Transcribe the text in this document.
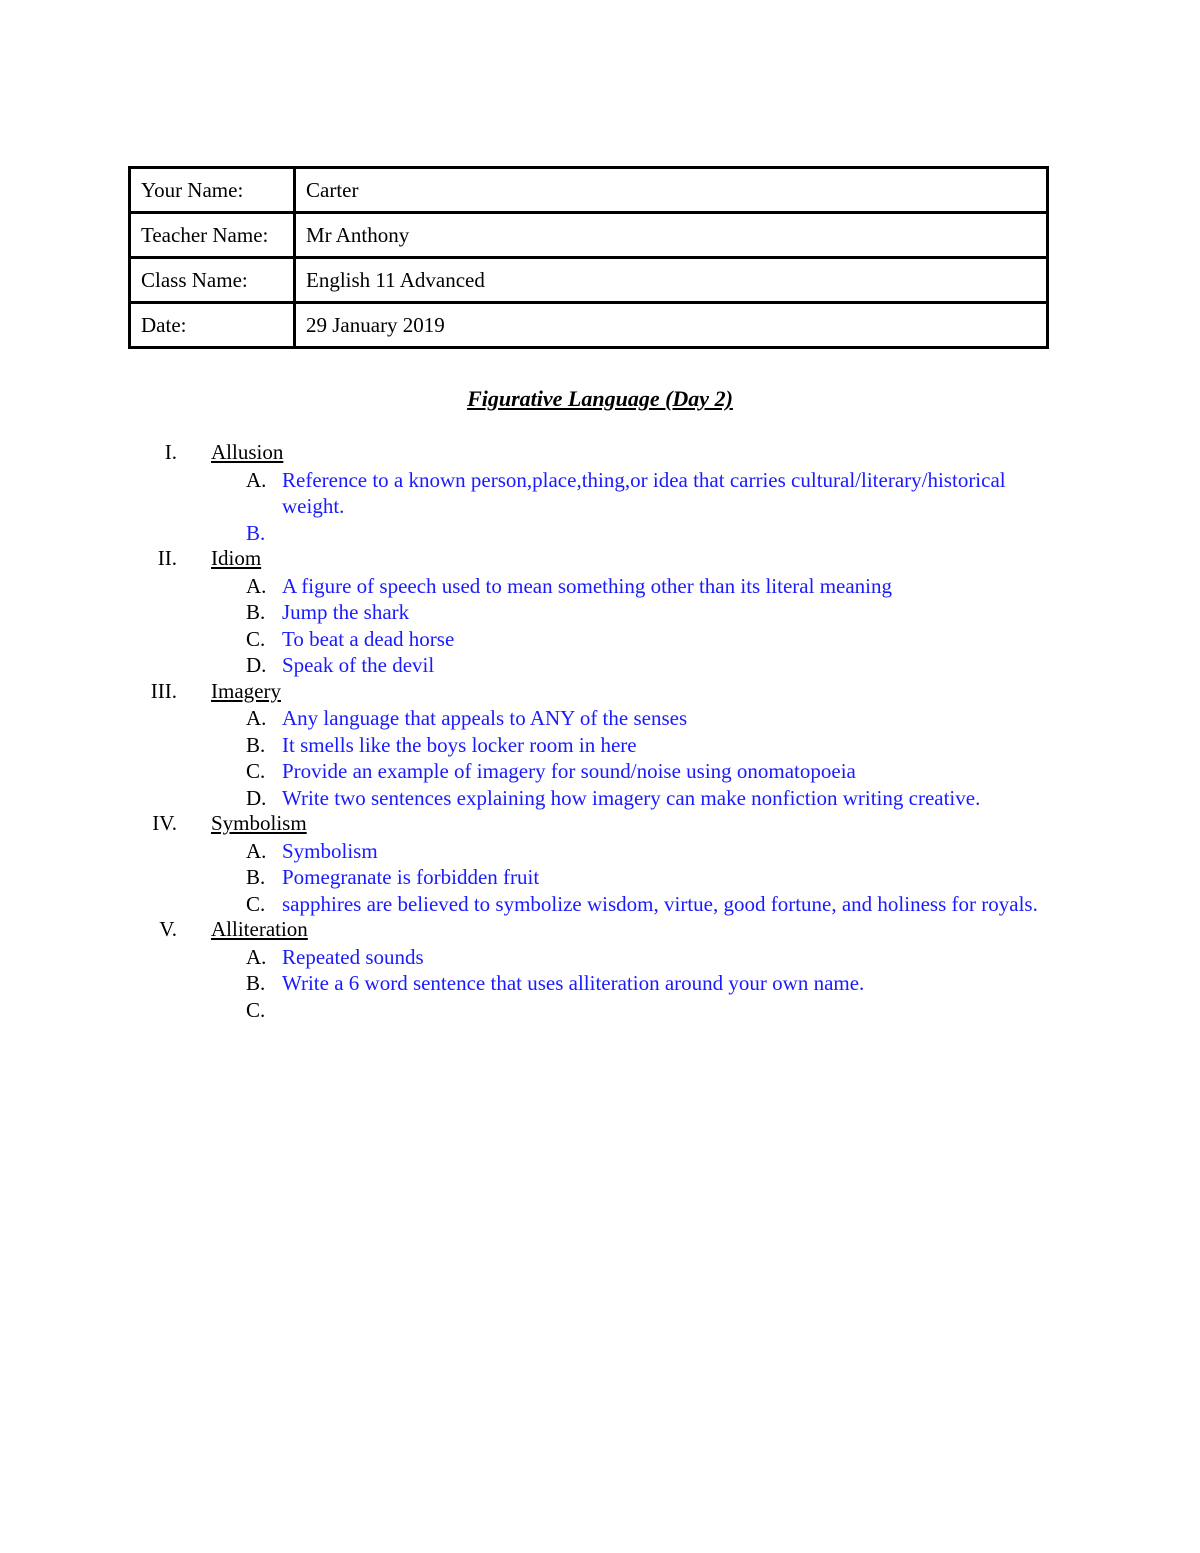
Your Name:	Carter
Teacher Name:	Mr Anthony
Class Name:	English 11 Advanced
Date:	29 January 2019
Figurative Language (Day 2)
I. Allusion
A. Reference to a known person,place,thing,or idea that carries cultural/literary/historical weight.
B.
II. Idiom
A. A figure of speech used to mean something other than its literal meaning
B. Jump the shark
C. To beat a dead horse
D. Speak of the devil
III. Imagery
A. Any language that appeals to ANY of the senses
B. It smells like the boys locker room in here
C. Provide an example of imagery for sound/noise using onomatopoeia
D. Write two sentences explaining how imagery can make nonfiction writing creative.
IV. Symbolism
A. Symbolism
B. Pomegranate is forbidden fruit
C. sapphires are believed to symbolize wisdom, virtue, good fortune, and holiness for royals.
V. Alliteration
A. Repeated sounds
B. Write a 6 word sentence that uses alliteration around your own name.
C.
